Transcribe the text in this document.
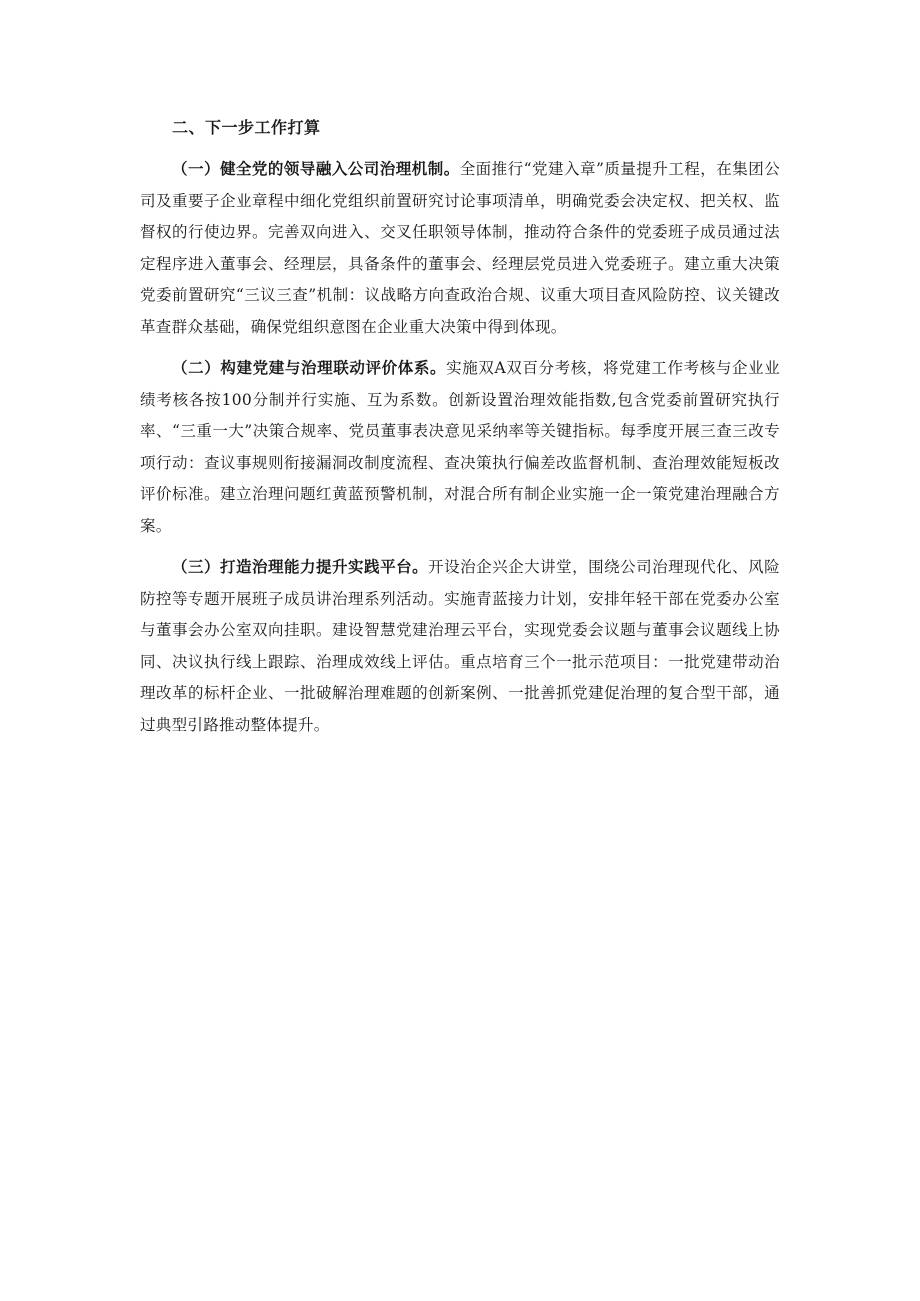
二、下一步工作打算

（一）健全党的领导融入公司治理机制。全面推行“党建入章”质量提升工程，在集团公司及重要子企业章程中细化党组织前置研究讨论事项清单，明确党委会决定权、把关权、监督权的行使边界。完善双向进入、交叉任职领导体制，推动符合条件的党委班子成员通过法定程序进入董事会、经理层，具备条件的董事会、经理层党员进入党委班子。建立重大决策党委前置研究“三议三查”机制：议战略方向查政治合规、议重大项目查风险防控、议关键改革查群众基础，确保党组织意图在企业重大决策中得到体现。

（二）构建党建与治理联动评价体系。实施双A双百分考核，将党建工作考核与企业业绩考核各按100分制并行实施、互为系数。创新设置治理效能指数,包含党委前置研究执行率、“三重一大”决策合规率、党员董事表决意见采纳率等关键指标。每季度开展三查三改专项行动：查议事规则衔接漏洞改制度流程、查决策执行偏差改监督机制、查治理效能短板改评价标准。建立治理问题红黄蓝预警机制，对混合所有制企业实施一企一策党建治理融合方案。

（三）打造治理能力提升实践平台。开设治企兴企大讲堂，围绕公司治理现代化、风险防控等专题开展班子成员讲治理系列活动。实施青蓝接力计划，安排年轻干部在党委办公室与董事会办公室双向挂职。建设智慧党建治理云平台，实现党委会议题与董事会议题线上协同、决议执行线上跟踪、治理成效线上评估。重点培育三个一批示范项目：一批党建带动治理改革的标杆企业、一批破解治理难题的创新案例、一批善抓党建促治理的复合型干部，通过典型引路推动整体提升。
